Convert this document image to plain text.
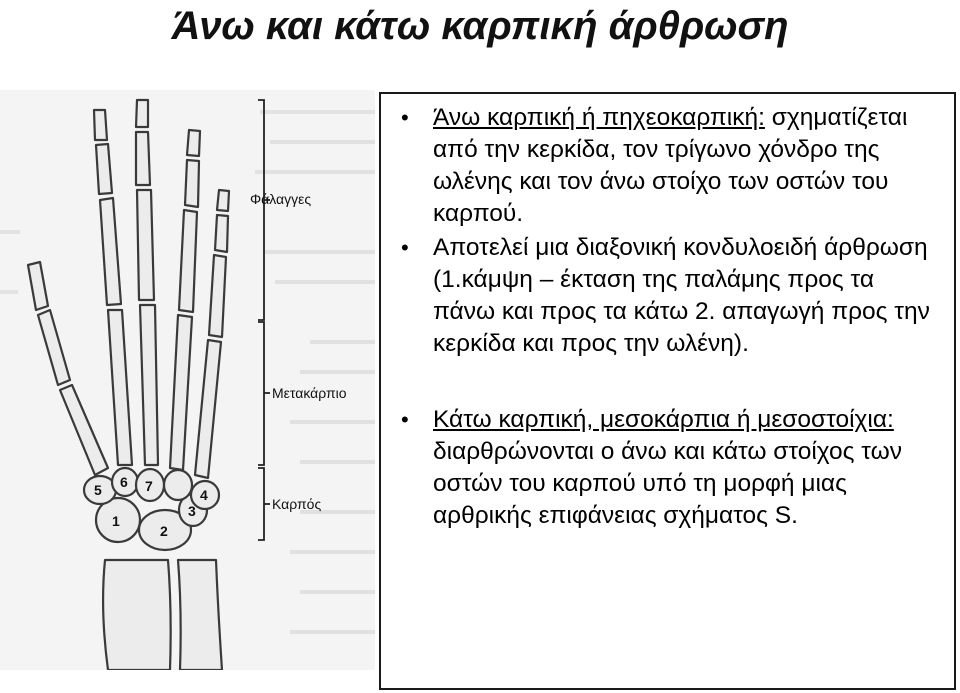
Άνω και κάτω καρπική άρθρωση
1
2
3
4
5 6 7
Φάλαγγες
Μετακάρπιο
Καρπός
• Άνω καρπική ή πηχεοκαρπική: σχηματίζεται από την κερκίδα, τον τρίγωνο χόνδρο της ωλένης και τον άνω στοίχο των οστών του καρπού.
• Αποτελεί μια διαξονική κονδυλοειδή άρθρωση (1.κάμψη – έκταση της παλάμης προς τα πάνω και προς τα κάτω 2. απαγωγή προς την κερκίδα και προς την ωλένη).
• Κάτω καρπική, μεσοκάρπια ή μεσοστοίχια: διαρθρώνονται ο άνω και κάτω στοίχος των οστών του καρπού υπό τη μορφή μιας αρθρικής επιφάνειας σχήματος S.
